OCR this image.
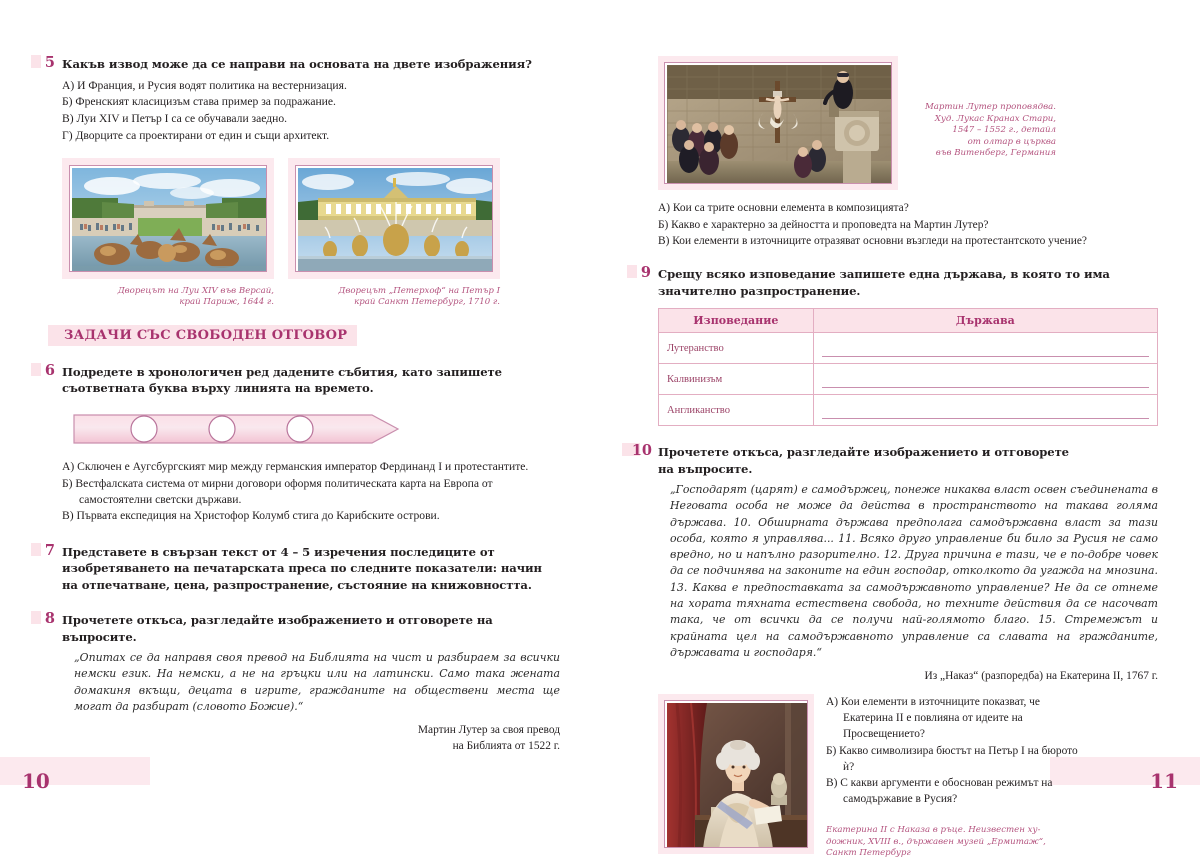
5 Какъв извод може да се направи на основата на двете изображения?
А) И Франция, и Русия водят политика на вестернизация.
Б) Френският класицизъм става пример за подражание.
В) Луи XIV и Петър I са се обучавали заедно.
Г) Дворците са проектирани от един и същи архитект.
Дворецът на Луи XIV във Версай,
край Париж, 1644 г.
Дворецът „Петерхоф“ на Петър I
край Санкт Петербург, 1710 г.
ЗАДАЧИ СЪС СВОБОДЕН ОТГОВОР
6 Подредете в хронологичен ред дадените събития, като запишете
съответната буква върху линията на времето.
А) Сключен е Аугсбургският мир между германския император Фердинанд I и протестантите.
Б) Вестфалската система от мирни договори оформя политическата карта на Европа от самостоятелни светски държави.
В) Първата експедиция на Христофор Колумб стига до Карибските острови.
7 Представете в свързан текст от 4 – 5 изречения последиците от изобретяването на печатарската преса по следните показатели: начин на отпечатване, цена, разпространение, състояние на книжовността.
8 Прочетете откъса, разгледайте изображението и отговорете на въпросите.
„Опитах се да направя своя превод на Библията на чист и разбираем за всички немски език. На немски, а не на гръцки или на латински. Само така жената домакиня вкъщи, децата в игрите, гражданите на обществени места ще могат да разбират (словото Божие).“
Мартин Лутер за своя превод
на Библията от 1522 г.
10
Мартин Лутер проповядва.
Худ. Лукас Кранах Стари,
1547 – 1552 г., детайл
от олтар в църква
във Витенберг, Германия
А) Кои са трите основни елемента в композицията?
Б) Какво е характерно за дейността и проповедта на Мартин Лутер?
В) Кои елементи в източниците отразяват основни възгледи на протестантското учение?
9 Срещу всяко изповедание запишете една държава, в която то има
значително разпространение.
Изповедание	Държава
Лутеранство	

Калвинизъм	

Англиканство	
10 Прочетете откъса, разгледайте изображението и отговорете
на въпросите.
„Господарят (царят) е самодържец, понеже никаква власт освен съединената в Неговата особа не може да действа в пространството на такава голяма държава. 10. Обширната държава предполага самодържавна власт за тази особа, която я управлява... 11. Всяко друго управление би било за Русия не само вредно, но и напълно разорително. 12. Друга причина е тази, че е по-добре човек да се подчинява на законите на един господар, отколкото да угажда на мнозина. 13. Каква е предпоставката за самодържавното управление? Не да се отнеме на хората тяхната естествена свобода, но техните действия да се насочват така, че от всички да се получи най-голямото благо. 15. Стремежът и крайната цел на самодържавното управление са славата на гражданите, държавата и господаря.“
Из „Наказ“ (разпоредба) на Екатерина II, 1767 г.
А) Кои елементи в източниците показват, че Екатерина II е повлияна от идеите на Просвещението?
Б) Какво символизира бюстът на Петър I на бюрото ѝ?
В) С какви аргументи е обоснован режимът на самодържавие в Русия?
Екатерина II с Наказа в ръце. Неизвестен ху-
дожник, XVIII в., държавен музей „Ермитаж“,
Санкт Петербург
11
